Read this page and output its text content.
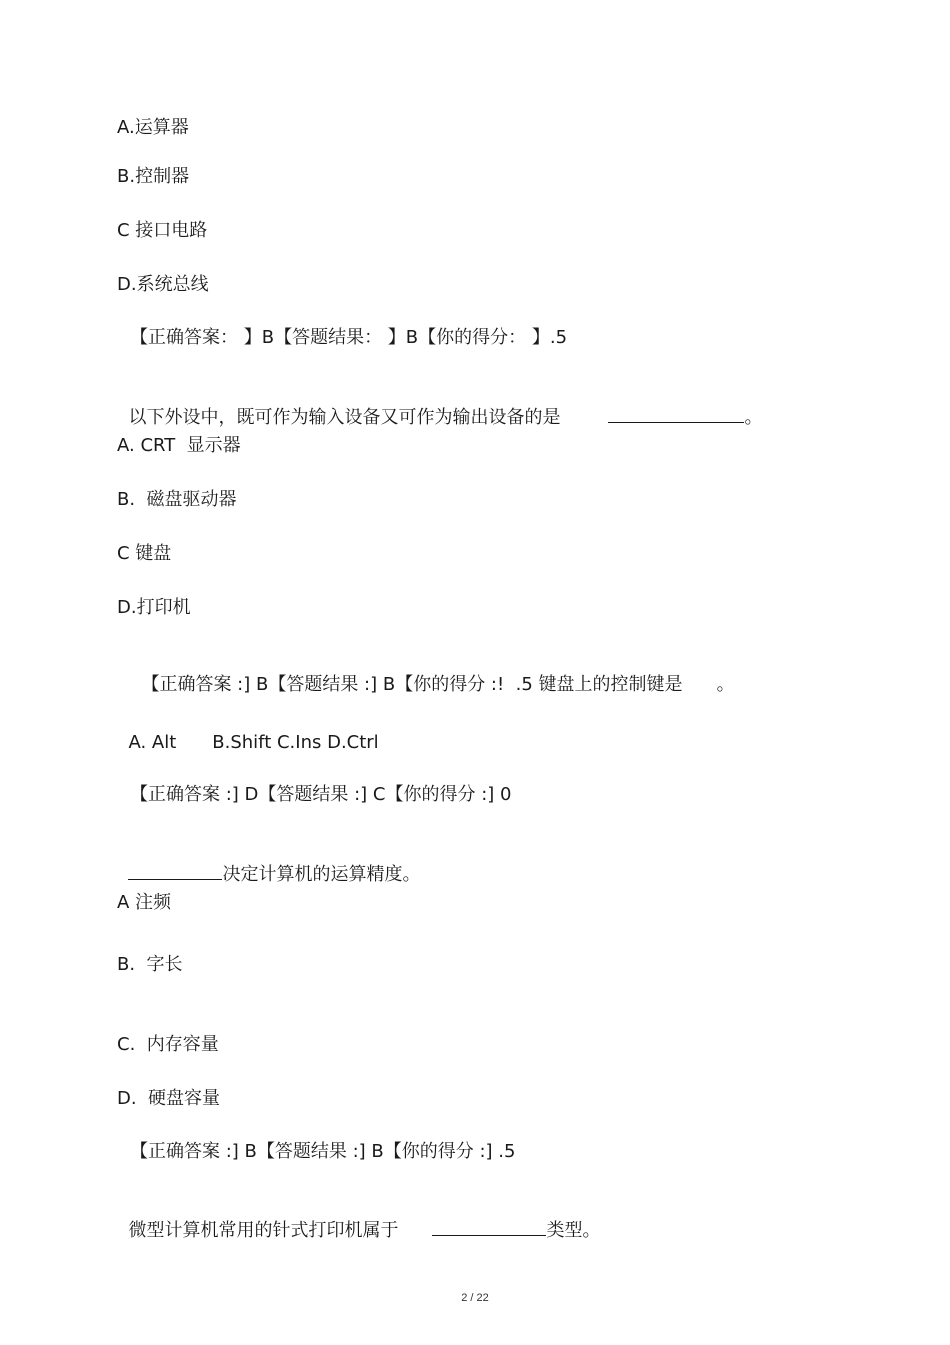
A.运算器
B.控制器
C 接口电路
D.系统总线
【正确答案： 】B【答题结果： 】B【你的得分： 】.5

以下外设中，既可作为输入设备又可作为输出设备的是	。

A. CRT  显示器
B.  磁盘驱动器
C 键盘
D.打印机

【正确答案 :] B【答题结果 :] B【你的得分 :!  .5 键盘上的控制键是 。

A. Alt B.Shift C.Ins D.Ctrl

【正确答案 :] D【答题结果 :] C【你的得分 :] 0

决定计算机的运算精度。

A 注频
B.  字长
C.  内存容量
D.  硬盘容量
【正确答案 :] B【答题结果 :] B【你的得分 :] .5

微型计算机常用的针式打印机属于	类型。

2 / 22
